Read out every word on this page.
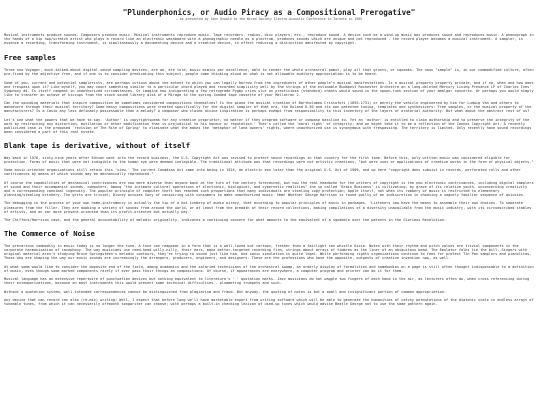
"Plunderphonics, or Audio Piracy as a Compositional Prerogative"
— as presented by John Oswald to the Wired Society Electro-Acoustic Conference in Toronto in 1985

Musical instruments produce sounds. Composers produce music. Musical instruments reproduce music. Tape recorders, radios, disc players, etc., reproduce sound. A device such as a wind-up music box produces sound and reproduces music. A phonograph in the hands of a hip hop/scratch artist who plays a record like an electronic washboard with a phonographic needle as a plectrum, produces sounds which are unique and not reproduced - the record player becomes a musical instrument. A sampler, in essence a recording, transforming instrument, is simultaneously a documenting device and a creative device, in effect reducing a distinction manifested by copyright.

Free samples

Three new Voyager, much-talked-about digital sound sampling devices, are we, are told, music mimics par excellence, able to render the whole orchestral gamut, play all that grunts, or squeaks. The noun "sample" is, in our commodified culture, often pre-fixed by the adjective free, and if one is to consider predicating this subject, people come thinking aloud on what is not allowable auditory appropriation is to be heard.

Some of you, current and potential samplerists, are perhaps curious about the extent to which you can legally borrow from the ingredients of other people's musical manifestations. Is a musical property property private, and if so, when and how does one trespass upon it? Like myself, you may count something similar to a particular chord played and recorded simplicity well by the strings of the estimable Budapest Rochester Orchestra on a long-deleted Mercury Living Presence LP of Charles Ives' Symphony #4. Is itself rampant in unauthorized circumstances. Or imagine how invigorating a few retrograde Pygmy cries slur on practiciosa (standard) chants would sound in the spoon-funk section of your amalgar concerto. Or perhaps you would simply like to transfer an octave of hiccups from the stock sound library disk of a Mirage to the spring-loaded tape cassette of your Mellotron 2.

Can the sounding materials that inspire composition be sometimes considered compositions themselves? Is the piano the musical creation of Bartholomeo Cristofori (1655-1731) or merely the vehicle engineered by him for Ludwig Van and others to manoeuvre through their musical territory? Some messy compositions were created specifically for the digital sampler of that era, the Roland D-50 and its own patented tuning, templates and synthesizers: Free samples, or the musical property of the manufacturers? Is a Casio any less definably possessable than a melody? A composer who claims divine inspiration is perhaps exempt from responsibility to this inventory of the layers of oratorial authority. But what about the abstract rest of us?

Let's see what the powers that be have to say. 'Author' is copyrightspeak for any creative proprietor, no matter if they program software or compose bassline to. Yet an 'author' is entitled to claim authorship and to preserve the integrity of the work by restraining any distortion, mutilation or other modification that is prejudicial to his honour or reputation.' That's called the 'moral right' of integrity; and we might take it to be a reflection of the Cannes Copyright Act. A recently publicized case is the proposed 'revision of The Rite of Spring' to eliminate what the makes the 'metaphor of land owners' rights, where unauthorized use is synonymous with trespassing. The territory is limited. Only recently have sound recordings been considered a part of this real estate.

Blank tape is derivative, without of itself

Way back in 1976, sixty-nine years after Edison went into the record business, the U.S. Copyright Act was revised to protect sound recordings in that country for the first time. Before this, only written music was considered eligible for protection. Forms of music that were not indigible to the human eye were deemed inelegible. The traditional attitude was that recordings were not artistic creations, "but were uses or applications of creative works in the form of physical objects."

Some music-oriented organizations still retain this 'view.' The current Canadian Act came into being in 1924, an electric eon later than the original U.S. Act of 1909, and up here "copyright does subsist in records, perforated rolls and other contrivances by means of which sounds may be mechanically reproduced."

Of course the capabilities of mechanical contrivances are now more diverse than anyone back at the turn of the century forecasted, but now the real headache for the writers of copyright is the new electronic contrivances, including digital samplers of sound and their accompanist sounds, computers. Among "the intimate cultural operations of electronic, biological, and cybernetic realities" the so called 'Brain Business' is cultivating, by grace of its relative youth, unconcerning creativity and a corresponding cannibal ingenuity. The popular principle of computer theft has reached such proportions that many individuals are stealing copy protection; Apple itself, not when its robbery of music is restricted to elementary planning/stealing brinkery. The grits are trivial; Disney accuses Sony of conspiring with consumers to make unauthorized music. Hmm! Whether George Harrison is found guilty of an indiscretion in choosing a vaguely familiar sequence of quickies.

The debugging in the process of your own home-instrumency is actually the tip of a hot iceberg of audio piracy, that according to popular principles of music in packages. 'Listeners now have the means to assemble their own choices. To separate pleasures from the filler. They are dubbing a variety of sounds from around the world, or at least from the breadth of their record collections, making compilations of a diversity unavailable from the music industry, with its circumscribed stables of artists, and an ear more present-oriented than its profit-oriented but actually pay.'

The Chiffons/Harrison case, and the general accountability of melodic originality, indicates a continuing concern for what amounts to the equivalent of a squabble over the patents in the Glorious Revolution.

The Commerce of Noise

The precarious commodity in music today is no longer the tune. A tune can reappear in a form that is a well-loved but cartoon, fresher than a fairlight can whistle Dixie. Notes with their rhythm and pitch values are trivial components in the corporate harmonization of cacophony. The way musicians use reed-head willy-nilly, their ears, make better-targeted recording firm, strings about arrays of timbres as the liner of an ubiquitous bead. The Emulator folks tie the bill. Singers with original material aren't studying Bruce Springsteen's melodic contours, they're trying to sound just like him. And sonic simulation is quite legal. While performing rights organizations continue to fees for protect Tin Pan samplers and pianolitas. Those who are shaping the way our music sounds are increasingly the arrangers, producers, engineers, and designers. These are the professions who have the opposite, outposts of creative invention now, as well.

At what some would like to consider the opposite end of the field, among academics and the salaried technicians of the orchestral swamp, an orderly display of formalities and homebodies on a page is still often thought indispensable to a definition of music, even though some marked components rarely if ever pass their things as compositions. Of course, if appearances are everywhere, a computer program and printer can do it for them.

Musical language has an extensive repertoire of punctuation devices but nothing equivalent to literature's ' ' quotation marks. Jazz musicians do not waggle two fingers of each hand in the air, as lecturers often do, when cross referencing during their extemporizations, because on most instruments this would present some technical difficulties - plummeting trumpets and such.

Without a quotation system, well-intended correspondences cannot be distinguished from plagiarism and fraud. But anyway, the quoting of notes is but a small and insignificant portion of common appropriation.

Any device that can record can also (re-mix) writing! Well, I expect that before long we'll have marketable export from writing software which will be able to generate the humanities of catchy permutations of the diatonic scale in endless arrays of tuneable tunes, from which it can necessarily offmonth songwriter can choose; with perhaps a built-in checking lexicon of used-up tunes which would advise Beatle George not to use the same pattern again.
